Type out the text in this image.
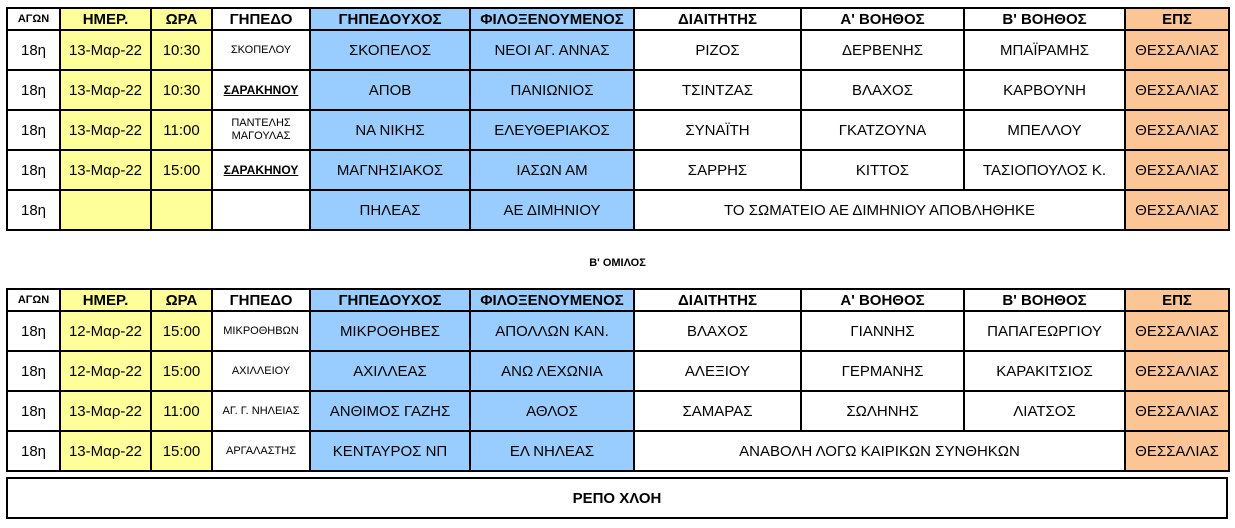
ΑΓΩΝ	ΗΜΕΡ.	ΩΡΑ	ΓΗΠΕΔΟ	ΓΗΠΕΔΟΥΧΟΣ	ΦΙΛΟΞΕΝΟΥΜΕΝΟΣ	ΔΙΑΙΤΗΤΗΣ	Α' ΒΟΗΘΟΣ	Β' ΒΟΗΘΟΣ	ΕΠΣ
18η	13-Μαρ-22	10:30	ΣΚΟΠΕΛΟΥ	ΣΚΟΠΕΛΟΣ	ΝΕΟΙ ΑΓ. ΑΝΝΑΣ	ΡΙΖΟΣ	ΔΕΡΒΕΝΗΣ	ΜΠΑΪΡΑΜΗΣ	ΘΕΣΣΑΛΙΑΣ
18η	13-Μαρ-22	10:30	ΣΑΡΑΚΗΝΟΥ	ΑΠΟΒ	ΠΑΝΙΩΝΙΟΣ	ΤΣΙΝΤΖΑΣ	ΒΛΑΧΟΣ	ΚΑΡΒΟΥΝΗ	ΘΕΣΣΑΛΙΑΣ
18η	13-Μαρ-22	11:00	ΠΑΝΤΕΛΗΣ ΜΑΓΟΥΛΑΣ	ΝΑ ΝΙΚΗΣ	ΕΛΕΥΘΕΡΙΑΚΟΣ	ΣΥΝΑΪΤΗ	ΓΚΑΤΖΟΥΝΑ	ΜΠΕΛΛΟΥ	ΘΕΣΣΑΛΙΑΣ
18η	13-Μαρ-22	15:00	ΣΑΡΑΚΗΝΟΥ	ΜΑΓΝΗΣΙΑΚΟΣ	ΙΑΣΩΝ ΑΜ	ΣΑΡΡΗΣ	ΚΙΤΤΟΣ	ΤΑΣΙΟΠΟΥΛΟΣ Κ.	ΘΕΣΣΑΛΙΑΣ
18η				ΠΗΛΕΑΣ	ΑΕ ΔΙΜΗΝΙΟΥ	ΤΟ ΣΩΜΑΤΕΙΟ ΑΕ ΔΙΜΗΝΙΟΥ ΑΠΟΒΛΗΘΗΚΕ			ΘΕΣΣΑΛΙΑΣ
Β' ΟΜΙΛΟΣ
ΑΓΩΝ	ΗΜΕΡ.	ΩΡΑ	ΓΗΠΕΔΟ	ΓΗΠΕΔΟΥΧΟΣ	ΦΙΛΟΞΕΝΟΥΜΕΝΟΣ	ΔΙΑΙΤΗΤΗΣ	Α' ΒΟΗΘΟΣ	Β' ΒΟΗΘΟΣ	ΕΠΣ
18η	12-Μαρ-22	15:00	ΜΙΚΡΟΘΗΒΩΝ	ΜΙΚΡΟΘΗΒΕΣ	ΑΠΟΛΛΩΝ ΚΑΝ.	ΒΛΑΧΟΣ	ΓΙΑΝΝΗΣ	ΠΑΠΑΓΕΩΡΓΙΟΥ	ΘΕΣΣΑΛΙΑΣ
18η	12-Μαρ-22	15:00	ΑΧΙΛΛΕΙΟΥ	ΑΧΙΛΛΕΑΣ	ΑΝΩ ΛΕΧΩΝΙΑ	ΑΛΕΞΙΟΥ	ΓΕΡΜΑΝΗΣ	ΚΑΡΑΚΙΤΣΙΟΣ	ΘΕΣΣΑΛΙΑΣ
18η	13-Μαρ-22	11:00	ΑΓ. Γ. ΝΗΛΕΙΑΣ	ΑΝΘΙΜΟΣ ΓΑΖΗΣ	ΑΘΛΟΣ	ΣΑΜΑΡΑΣ	ΣΩΛΗΝΗΣ	ΛΙΑΤΣΟΣ	ΘΕΣΣΑΛΙΑΣ
18η	13-Μαρ-22	15:00	ΑΡΓΑΛΑΣΤΗΣ	ΚΕΝΤΑΥΡΟΣ ΝΠ	ΕΛ ΝΗΛΕΑΣ	ΑΝΑΒΟΛΗ ΛΟΓΩ ΚΑΙΡΙΚΩΝ ΣΥΝΘΗΚΩΝ			ΘΕΣΣΑΛΙΑΣ
ΡΕΠΟ ΧΛΟΗ
